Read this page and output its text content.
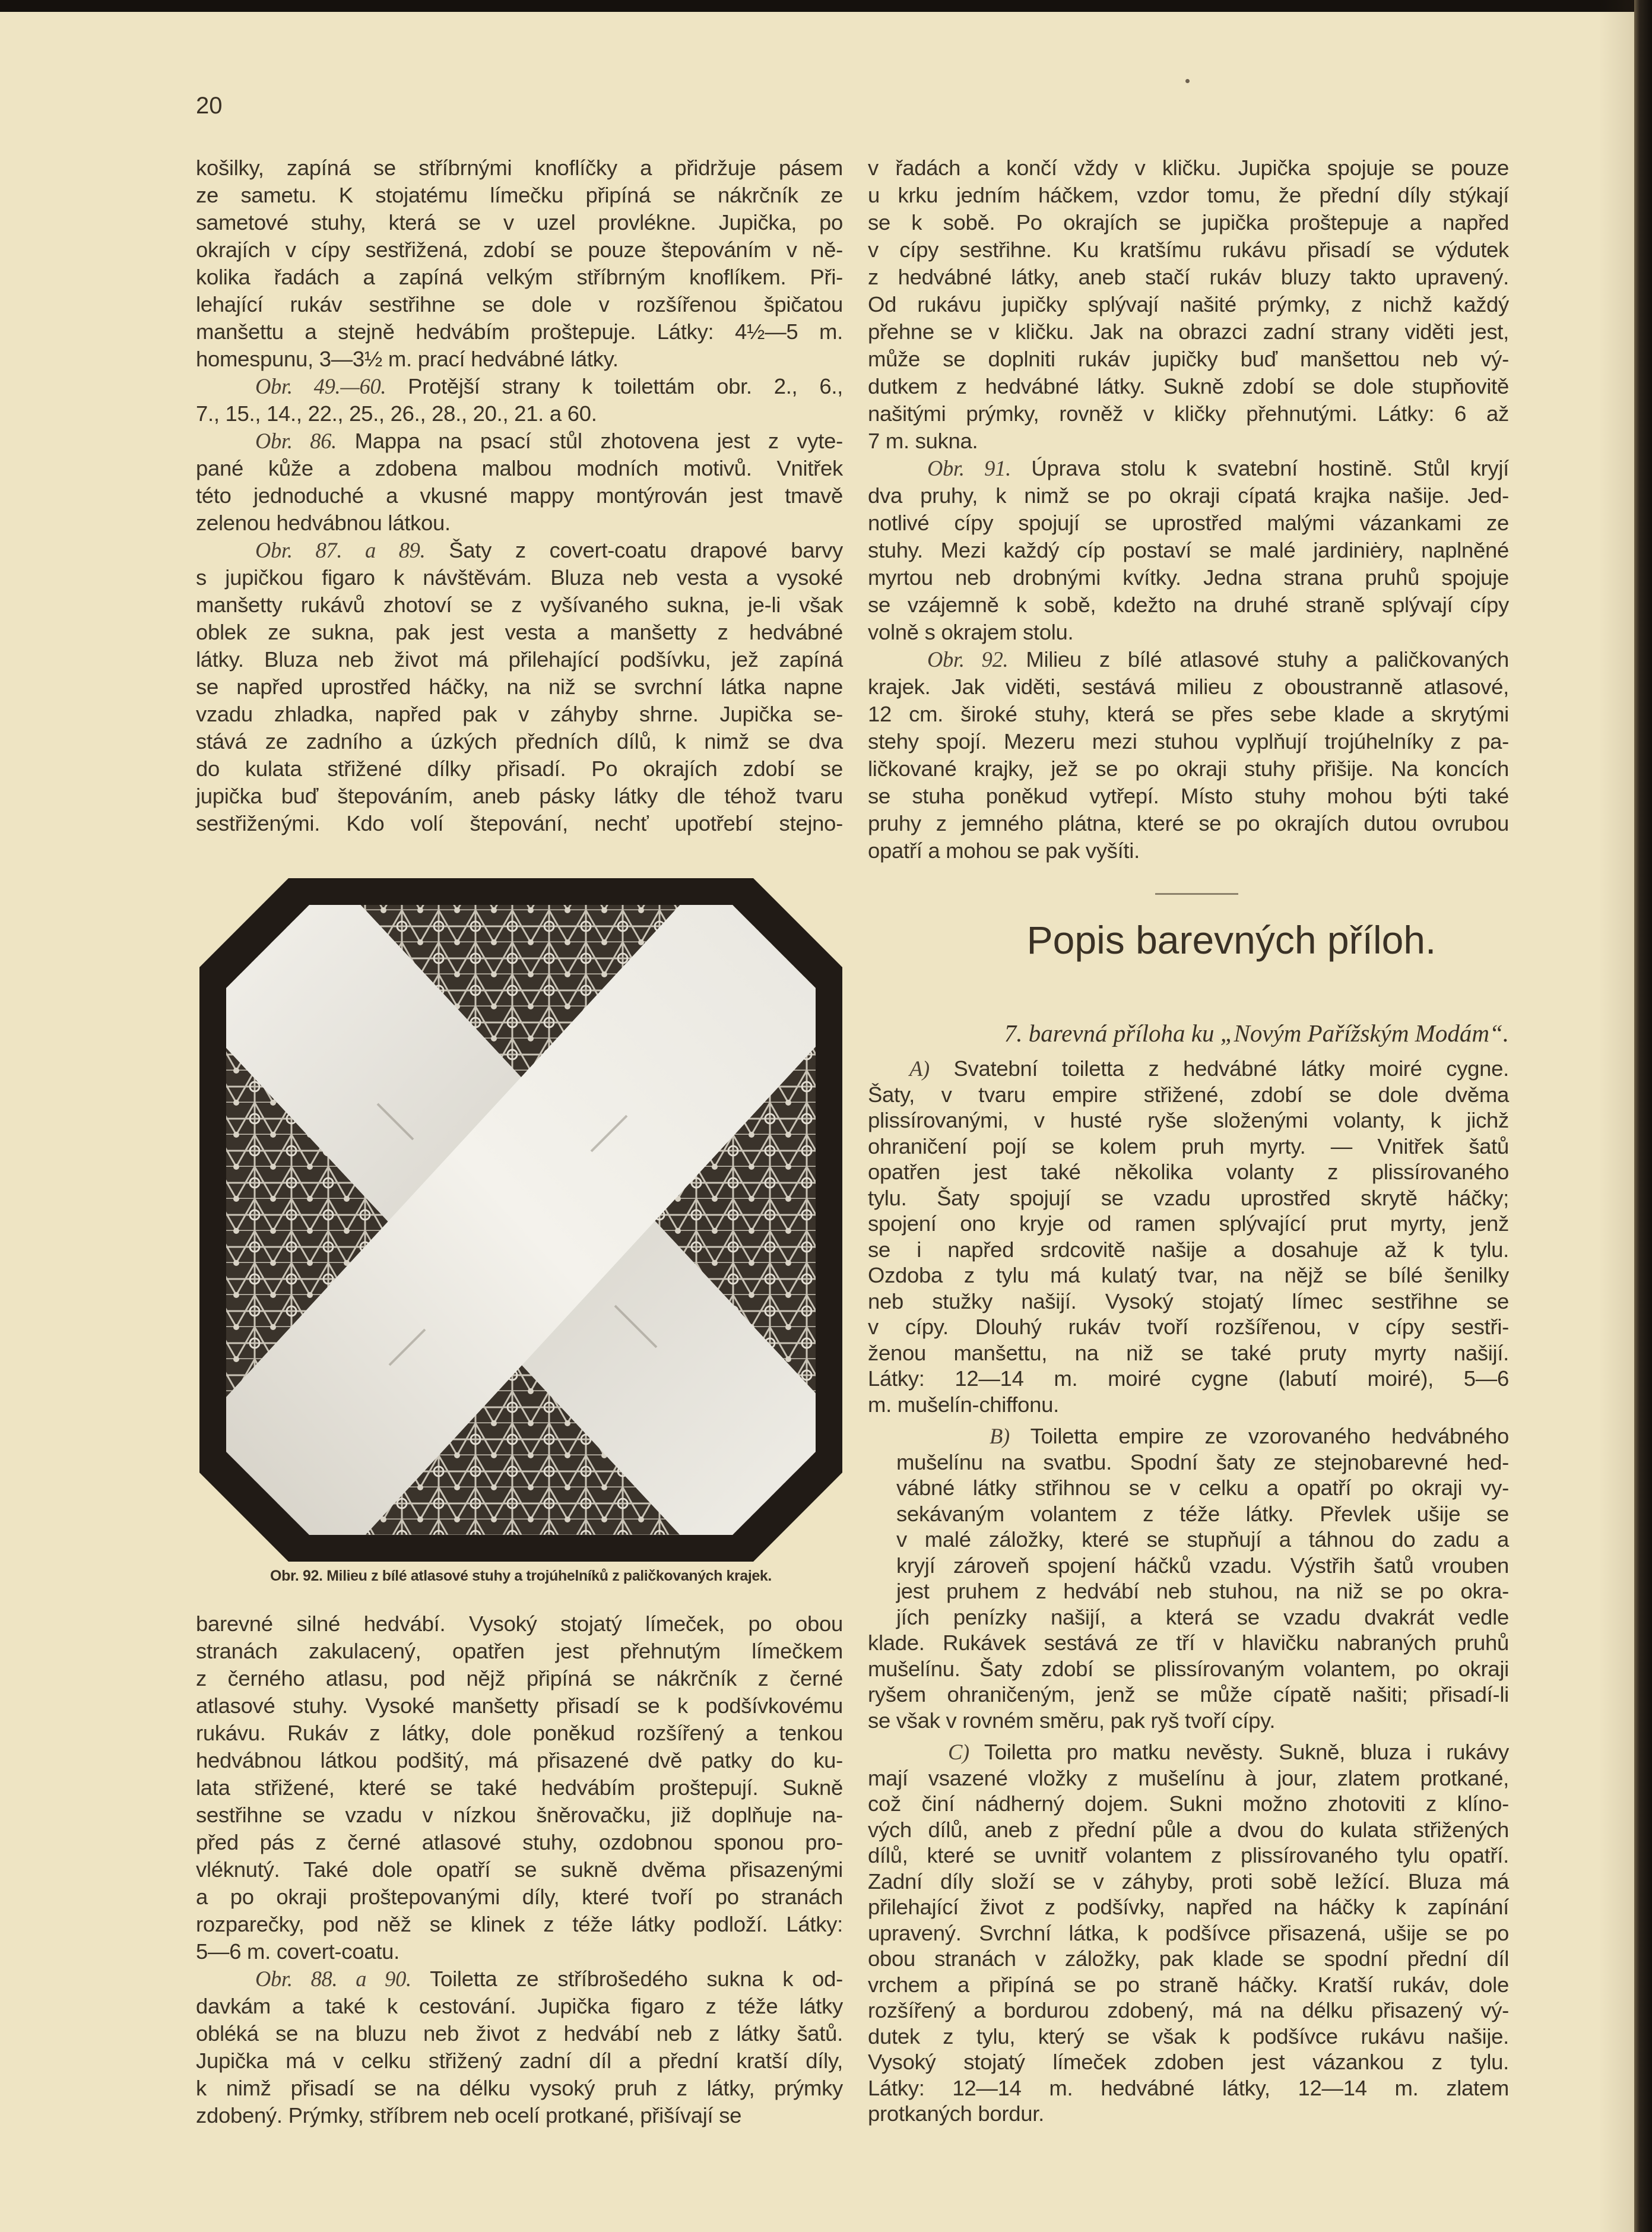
20
košilky, zapíná se stříbrnými knoflíčky a přidržuje pásem
ze sametu. K stojatému límečku připíná se nákrčník ze
sametové stuhy, která se v uzel provlékne. Jupička, po
okrajích v cípy sestřižená, zdobí se pouze štepováním v ně-
kolika řadách a zapíná velkým stříbrným knoflíkem. Při-
lehající rukáv sestřihne se dole v rozšířenou špičatou
manšettu a stejně hedvábím proštepuje. Látky: 4½—5 m.
homespunu, 3—3½ m. prací hedvábné látky.
Obr. 49.—60. Protější strany k toilettám obr. 2., 6.,
7., 15., 14., 22., 25., 26., 28., 20., 21. a 60.
Obr. 86. Mappa na psací stůl zhotovena jest z vyte-
pané kůže a zdobena malbou modních motivů. Vnitřek
této jednoduché a vkusné mappy montýrován jest tmavě
zelenou hedvábnou látkou.
Obr. 87. a 89. Šaty z covert-coatu drapové barvy
s jupičkou figaro k návštěvám. Bluza neb vesta a vysoké
manšetty rukávů zhotoví se z vyšívaného sukna, je-li však
oblek ze sukna, pak jest vesta a manšetty z hedvábné
látky. Bluza neb život má přilehající podšívku, jež zapíná
se napřed uprostřed háčky, na niž se svrchní látka napne
vzadu zhladka, napřed pak v záhyby shrne. Jupička se-
stává ze zadního a úzkých předních dílů, k nimž se dva
do kulata střižené dílky přisadí. Po okrajích zdobí se
jupička buď štepováním, aneb pásky látky dle téhož tvaru
sestřiženými. Kdo volí štepování, nechť upotřebí stejno-
Obr. 92. Milieu z bílé atlasové stuhy a trojúhelníků z paličkovaných krajek.
barevné silné hedvábí. Vysoký stojatý límeček, po obou
stranách zakulacený, opatřen jest přehnutým límečkem
z černého atlasu, pod nějž připíná se nákrčník z černé
atlasové stuhy. Vysoké manšetty přisadí se k podšívkovému
rukávu. Rukáv z látky, dole poněkud rozšířený a tenkou
hedvábnou látkou podšitý, má přisazené dvě patky do ku-
lata střižené, které se také hedvábím proštepují. Sukně
sestřihne se vzadu v nízkou šněrovačku, již doplňuje na-
před pás z černé atlasové stuhy, ozdobnou sponou pro-
vléknutý. Také dole opatří se sukně dvěma přisazenými
a po okraji proštepovanými díly, které tvoří po stranách
rozparečky, pod něž se klinek z téže látky podloží. Látky:
5—6 m. covert-coatu.
Obr. 88. a 90. Toiletta ze stříbrošedého sukna k od-
davkám a také k cestování. Jupička figaro z téže látky
obléká se na bluzu neb život z hedvábí neb z látky šatů.
Jupička má v celku střižený zadní díl a přední kratší díly,
k nimž přisadí se na délku vysoký pruh z látky, prýmky
zdobený. Prýmky, stříbrem neb ocelí protkané, přišívají se
v řadách a končí vždy v kličku. Jupička spojuje se pouze
u krku jedním háčkem, vzdor tomu, že přední díly stýkají
se k sobě. Po okrajích se jupička proštepuje a napřed
v cípy sestřihne. Ku kratšímu rukávu přisadí se výdutek
z hedvábné látky, aneb stačí rukáv bluzy takto upravený.
Od rukávu jupičky splývají našité prýmky, z nichž každý
přehne se v kličku. Jak na obrazci zadní strany viděti jest,
může se doplniti rukáv jupičky buď manšettou neb vý-
dutkem z hedvábné látky. Sukně zdobí se dole stupňovitě
našitými prýmky, rovněž v kličky přehnutými. Látky: 6 až
7 m. sukna.
Obr. 91. Úprava stolu k svatební hostině. Stůl kryjí
dva pruhy, k nimž se po okraji cípatá krajka našije. Jed-
notlivé cípy spojují se uprostřed malými vázankami ze
stuhy. Mezi každý cíp postaví se malé jardiniėry, naplněné
myrtou neb drobnými kvítky. Jedna strana pruhů spojuje
se vzájemně k sobě, kdežto na druhé straně splývají cípy
volně s okrajem stolu.
Obr. 92. Milieu z bílé atlasové stuhy a paličkovaných
krajek. Jak viděti, sestává milieu z oboustranně atlasové,
12 cm. široké stuhy, která se přes sebe klade a skrytými
stehy spojí. Mezeru mezi stuhou vyplňují trojúhelníky z pa-
ličkované krajky, jež se po okraji stuhy přišije. Na koncích
se stuha poněkud vytřepí. Místo stuhy mohou býti také
pruhy z jemného plátna, které se po okrajích dutou ovrubou
opatří a mohou se pak vyšíti.
Popis barevných příloh.
7. barevná příloha ku „Novým Pařížským Modám“.
A) Svatební toiletta z hedvábné látky moiré cygne.
Šaty, v tvaru empire střižené, zdobí se dole dvěma
plissírovanými, v husté ryše složenými volanty, k jichž
ohraničení pojí se kolem pruh myrty. — Vnitřek šatů
opatřen jest také několika volanty z plissírovaného
tylu. Šaty spojují se vzadu uprostřed skrytě háčky;
spojení ono kryje od ramen splývající prut myrty, jenž
se i napřed srdcovitě našije a dosahuje až k tylu.
Ozdoba z tylu má kulatý tvar, na nějž se bílé šenilky
neb stužky našijí. Vysoký stojatý límec sestřihne se
v cípy. Dlouhý rukáv tvoří rozšířenou, v cípy sestři-
ženou manšettu, na niž se také pruty myrty našijí.
Látky: 12—14 m. moiré cygne (labutí moiré), 5—6
m. mušelín-chiffonu.
B) Toiletta empire ze vzorovaného hedvábného
mušelínu na svatbu. Spodní šaty ze stejnobarevné hed-
vábné látky střihnou se v celku a opatří po okraji vy-
sekávaným volantem z téže látky. Převlek ušije se
v malé záložky, které se stupňují a táhnou do zadu a
kryjí zároveň spojení háčků vzadu. Výstřih šatů vrouben
jest pruhem z hedvábí neb stuhou, na niž se po okra-
jích penízky našijí, a která se vzadu dvakrát vedle
klade. Rukávek sestává ze tří v hlavičku nabraných pruhů
mušelínu. Šaty zdobí se plissírovaným volantem, po okraji
ryšem ohraničeným, jenž se může cípatě našiti; přisadí-li
se však v rovném směru, pak ryš tvoří cípy.
C) Toiletta pro matku nevěsty. Sukně, bluza i rukávy
mají vsazené vložky z mušelínu à jour, zlatem protkané,
což činí nádherný dojem. Sukni možno zhotoviti z klíno-
vých dílů, aneb z přední půle a dvou do kulata střižených
dílů, které se uvnitř volantem z plissírovaného tylu opatří.
Zadní díly složí se v záhyby, proti sobě ležící. Bluza má
přilehající život z podšívky, napřed na háčky k zapínání
upravený. Svrchní látka, k podšívce přisazená, ušije se po
obou stranách v záložky, pak klade se spodní přední díl
vrchem a připíná se po straně háčky. Kratší rukáv, dole
rozšířený a bordurou zdobený, má na délku přisazený vý-
dutek z tylu, který se však k podšívce rukávu našije.
Vysoký stojatý límeček zdoben jest vázankou z tylu.
Látky: 12—14 m. hedvábné látky, 12—14 m. zlatem
protkaných bordur.
